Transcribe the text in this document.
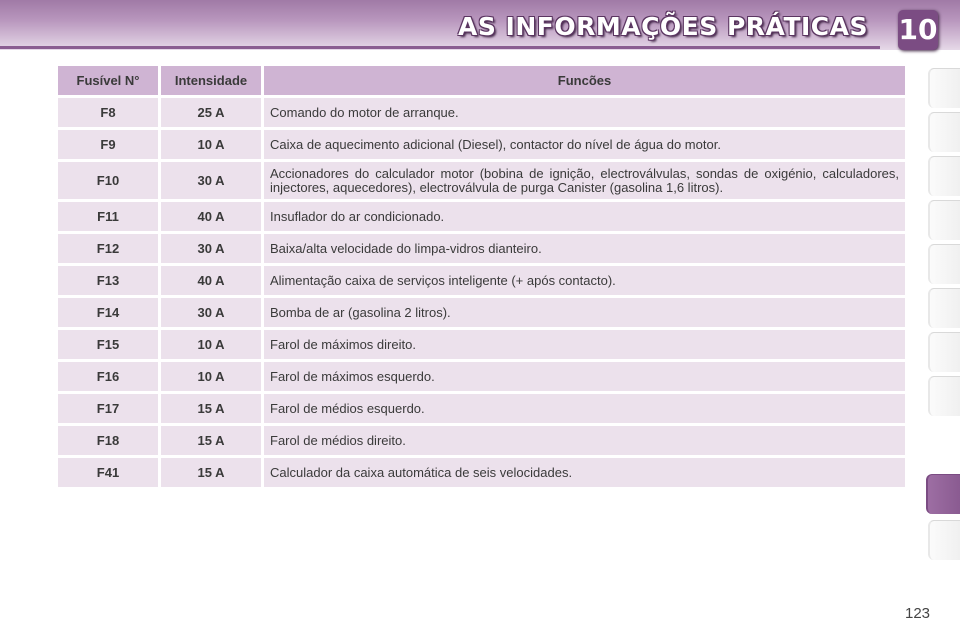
AS INFORMAÇÕES PRÁTICAS 10
Fusível N°	Intensidade	Funcões
F8	25 A	Comando do motor de arranque.
F9	10 A	Caixa de aquecimento adicional (Diesel), contactor do nível de água do motor.
F10	30 A	Accionadores do calculador motor (bobina de ignição, electroválvulas, sondas de oxigénio, calculadores, injectores, aquecedores), electroválvula de purga Canister (gasolina 1,6 litros).
F11	40 A	Insuflador do ar condicionado.
F12	30 A	Baixa/alta velocidade do limpa-vidros dianteiro.
F13	40 A	Alimentação caixa de serviços inteligente (+ após contacto).
F14	30 A	Bomba de ar (gasolina 2 litros).
F15	10 A	Farol de máximos direito.
F16	10 A	Farol de máximos esquerdo.
F17	15 A	Farol de médios esquerdo.
F18	15 A	Farol de médios direito.
F41	15 A	Calculador da caixa automática de seis velocidades.
123
